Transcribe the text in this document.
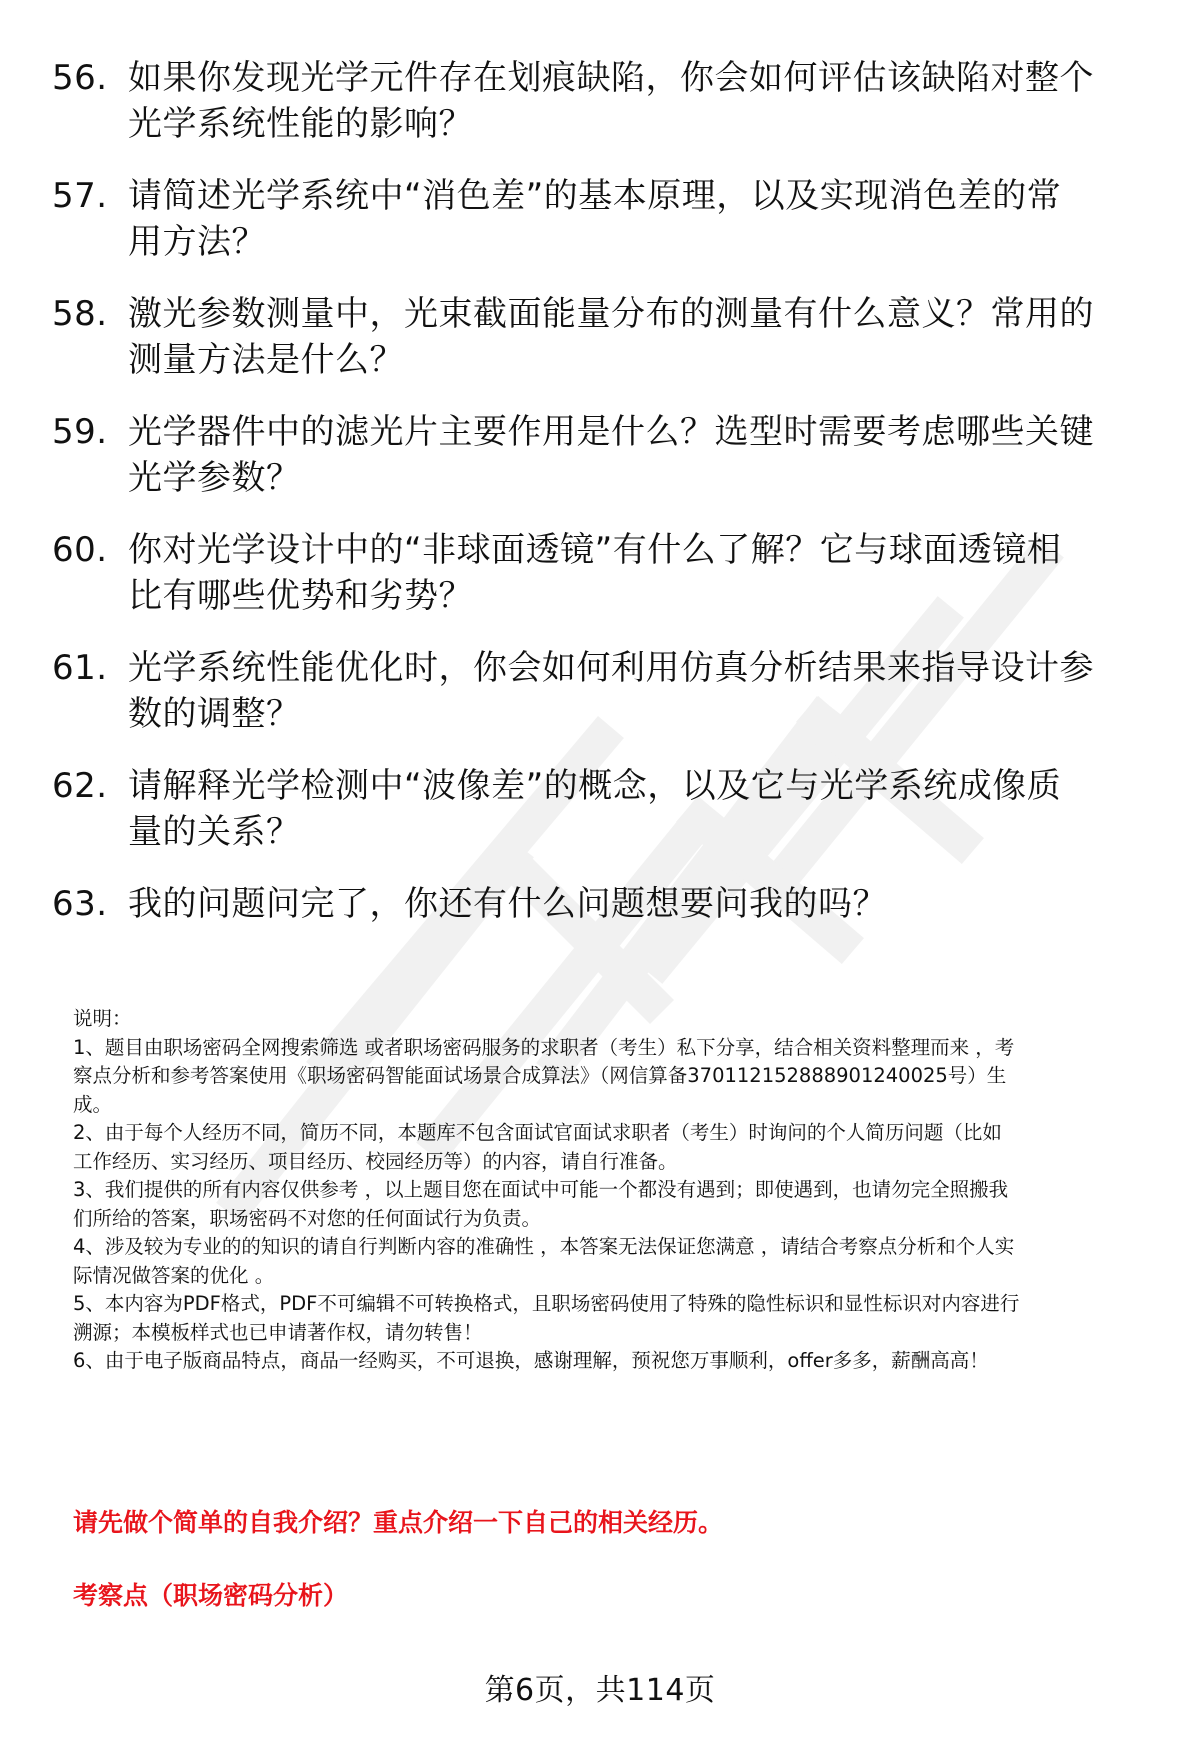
56. 如果你发现光学元件存在划痕缺陷，你会如何评估该缺陷对整个
光学系统性能的影响？
57. 请简述光学系统中“消色差”的基本原理，以及实现消色差的常
用方法？
58. 激光参数测量中，光束截面能量分布的测量有什么意义？常用的
测量方法是什么？
59. 光学器件中的滤光片主要作用是什么？选型时需要考虑哪些关键
光学参数？
60. 你对光学设计中的“非球面透镜”有什么了解？它与球面透镜相
比有哪些优势和劣势？
61. 光学系统性能优化时，你会如何利用仿真分析结果来指导设计参
数的调整？
62. 请解释光学检测中“波像差”的概念，以及它与光学系统成像质
量的关系？
63. 我的问题问完了，你还有什么问题想要问我的吗？
说明：
1、题目由职场密码全网搜索筛选 或者职场密码服务的求职者（考生）私下分享，结合相关资料整理而来 ，考
察点分析和参考答案使用《职场密码智能面试场景合成算法》（网信算备370112152888901240025号）生
成。
2、由于每个人经历不同，简历不同，本题库不包含面试官面试求职者（考生）时询问的个人简历问题（比如
工作经历、实习经历、项目经历、校园经历等）的内容，请自行准备。
3、我们提供的所有内容仅供参考 ，以上题目您在面试中可能一个都没有遇到；即使遇到，也请勿完全照搬我
们所给的答案，职场密码不对您的任何面试行为负责。
4、涉及较为专业的的知识的请自行判断内容的准确性 ，本答案无法保证您满意 ，请结合考察点分析和个人实
际情况做答案的优化 。
5、本内容为PDF格式，PDF不可编辑不可转换格式，且职场密码使用了特殊的隐性标识和显性标识对内容进行
溯源；本模板样式也已申请著作权，请勿转售！
6、由于电子版商品特点，商品一经购买，不可退换，感谢理解，预祝您万事顺利，offer多多，薪酬高高！
请先做个简单的自我介绍？重点介绍一下自己的相关经历。
考察点（职场密码分析）
第6页，共114页
